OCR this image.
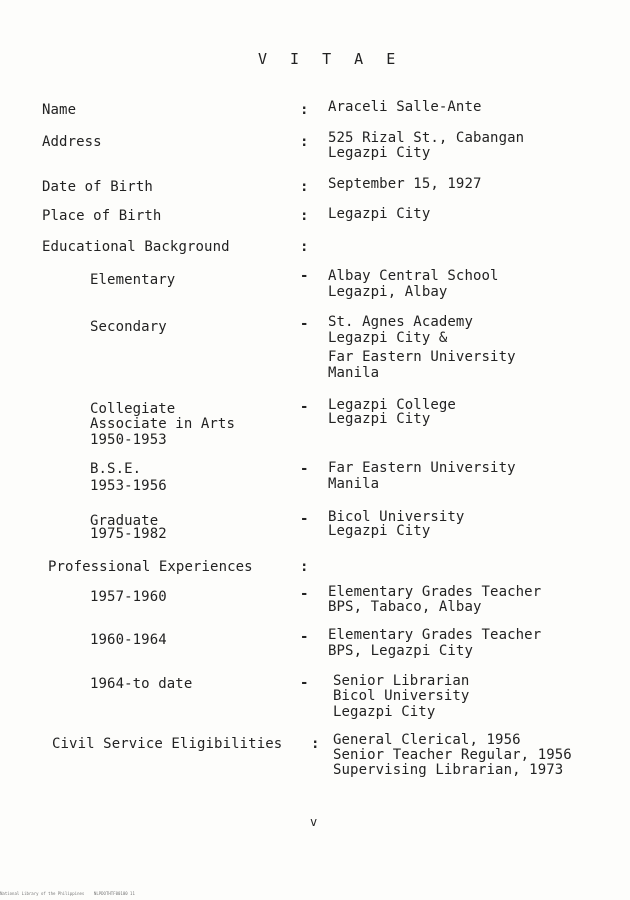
V I T A E
Name	: Araceli Salle-Ante
Address	: 525 Rizal St., Cabangan
Legazpi City
Date of Birth	: September 15, 1927
Place of Birth	: Legazpi City
Educational Background	:
Elementary	- Albay Central School
Legazpi, Albay
Secondary	- St. Agnes Academy
Legazpi City &
Far Eastern University
Manila
Collegiate
Associate in Arts
1950-1953
- Legazpi College
Legazpi City
B.S.E.
1953-1956
- Far Eastern University
Manila
Graduate
1975-1982
- Bicol University
Legazpi City
Professional Experiences	:
1957-1960	- Elementary Grades Teacher
BPS, Tabaco, Albay
1960-1964	- Elementary Grades Teacher
BPS, Legazpi City
1964-to date	- Senior Librarian
Bicol University
Legazpi City
Civil Service Eligibilities : General Clerical, 1956
Senior Teacher Regular, 1956
Supervising Librarian, 1973
v
National Library of the Philippines    NLPDOTHTF00100 11
